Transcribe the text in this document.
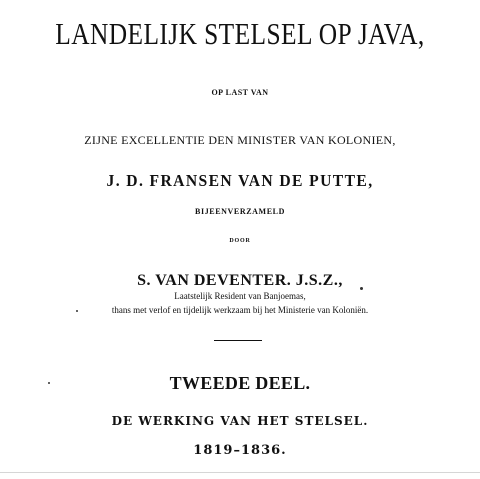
LANDELIJK STELSEL OP JAVA,
OP LAST VAN
ZIJNE EXCELLENTIE DEN MINISTER VAN KOLONIEN,
J. D. FRANSEN VAN DE PUTTE,
BIJEENVERZAMELD
DOOR
S. VAN DEVENTER. J.S.Z.,
Laatstelijk Resident van Banjoemas,
thans met verlof en tijdelijk werkzaam bij het Ministerie van Koloniën.
TWEEDE DEEL.
DE WERKING VAN HET STELSEL.
1819–1836.
